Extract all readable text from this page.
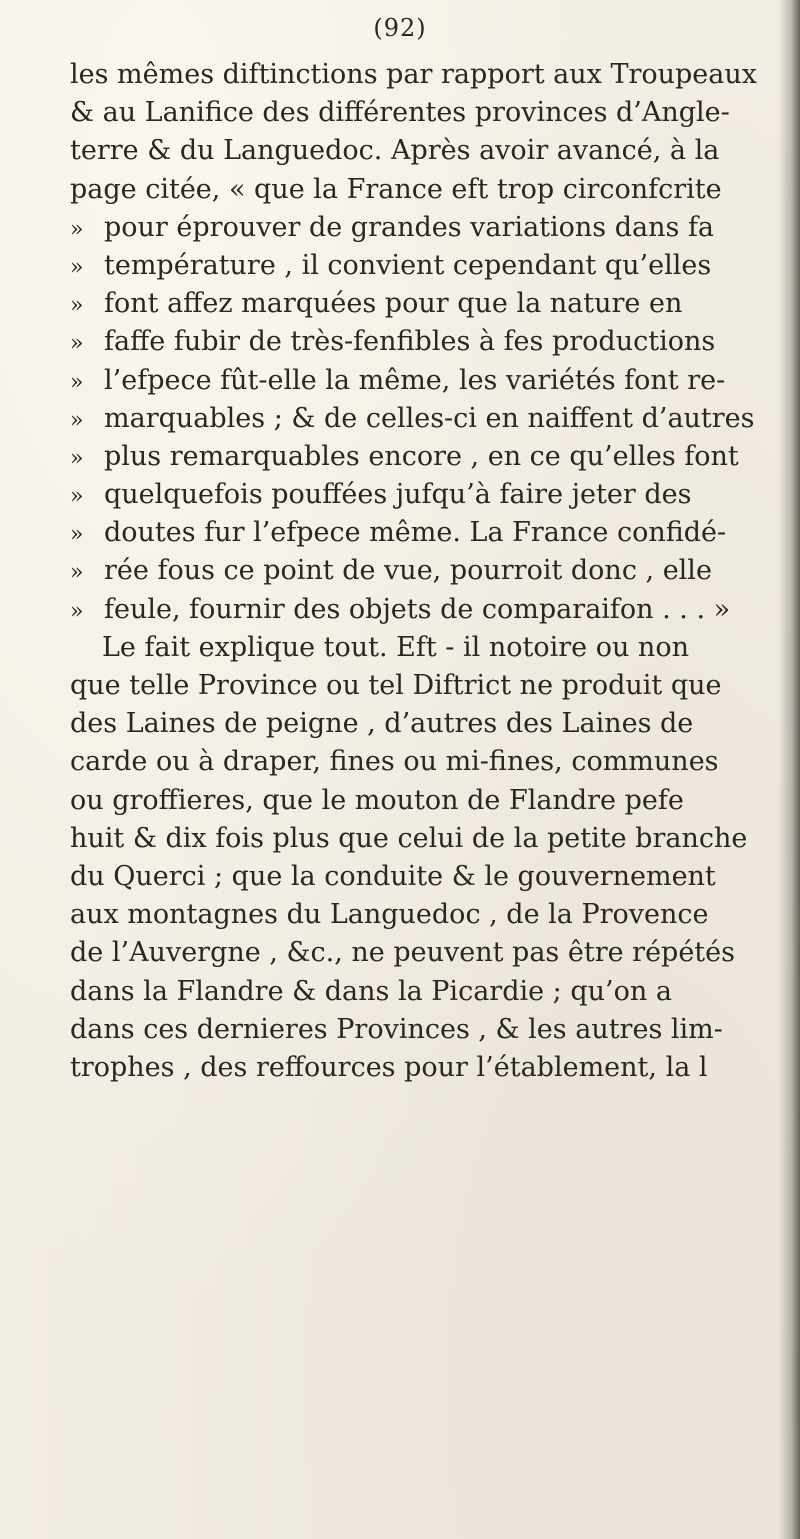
(92)
les mêmes diftinctions par rapport aux Troupeaux
& au Lanifice des différentes provinces d’Angle-
terre & du Languedoc. Après avoir avancé, à la
page citée, « que la France eft trop circonfcrite
» pour éprouver de grandes variations dans fa
» température , il convient cependant qu’elles
» font affez marquées pour que la nature en
» faffe fubir de très-fenfibles à fes productions
» l’efpece fût-elle la même, les variétés font re-
» marquables ; & de celles-ci en naiffent d’autres
» plus remarquables encore , en ce qu’elles font
» quelquefois pouffées jufqu’à faire jeter des
» doutes fur l’efpece même. La France confidé-
» rée fous ce point de vue, pourroit donc , elle
» feule, fournir des objets de comparaifon . . . »
Le fait explique tout. Eft - il notoire ou non
que telle Province ou tel Diftrict ne produit que
des Laines de peigne , d’autres des Laines de
carde ou à draper, fines ou mi-fines, communes
ou groffieres, que le mouton de Flandre pefe
huit & dix fois plus que celui de la petite branche
du Querci ; que la conduite & le gouvernement
aux montagnes du Languedoc , de la Provence
de l’Auvergne , &c., ne peuvent pas être répétés
dans la Flandre & dans la Picardie ; qu’on a
dans ces dernieres Provinces , & les autres lim-
trophes , des reffources pour l’établement, la l
